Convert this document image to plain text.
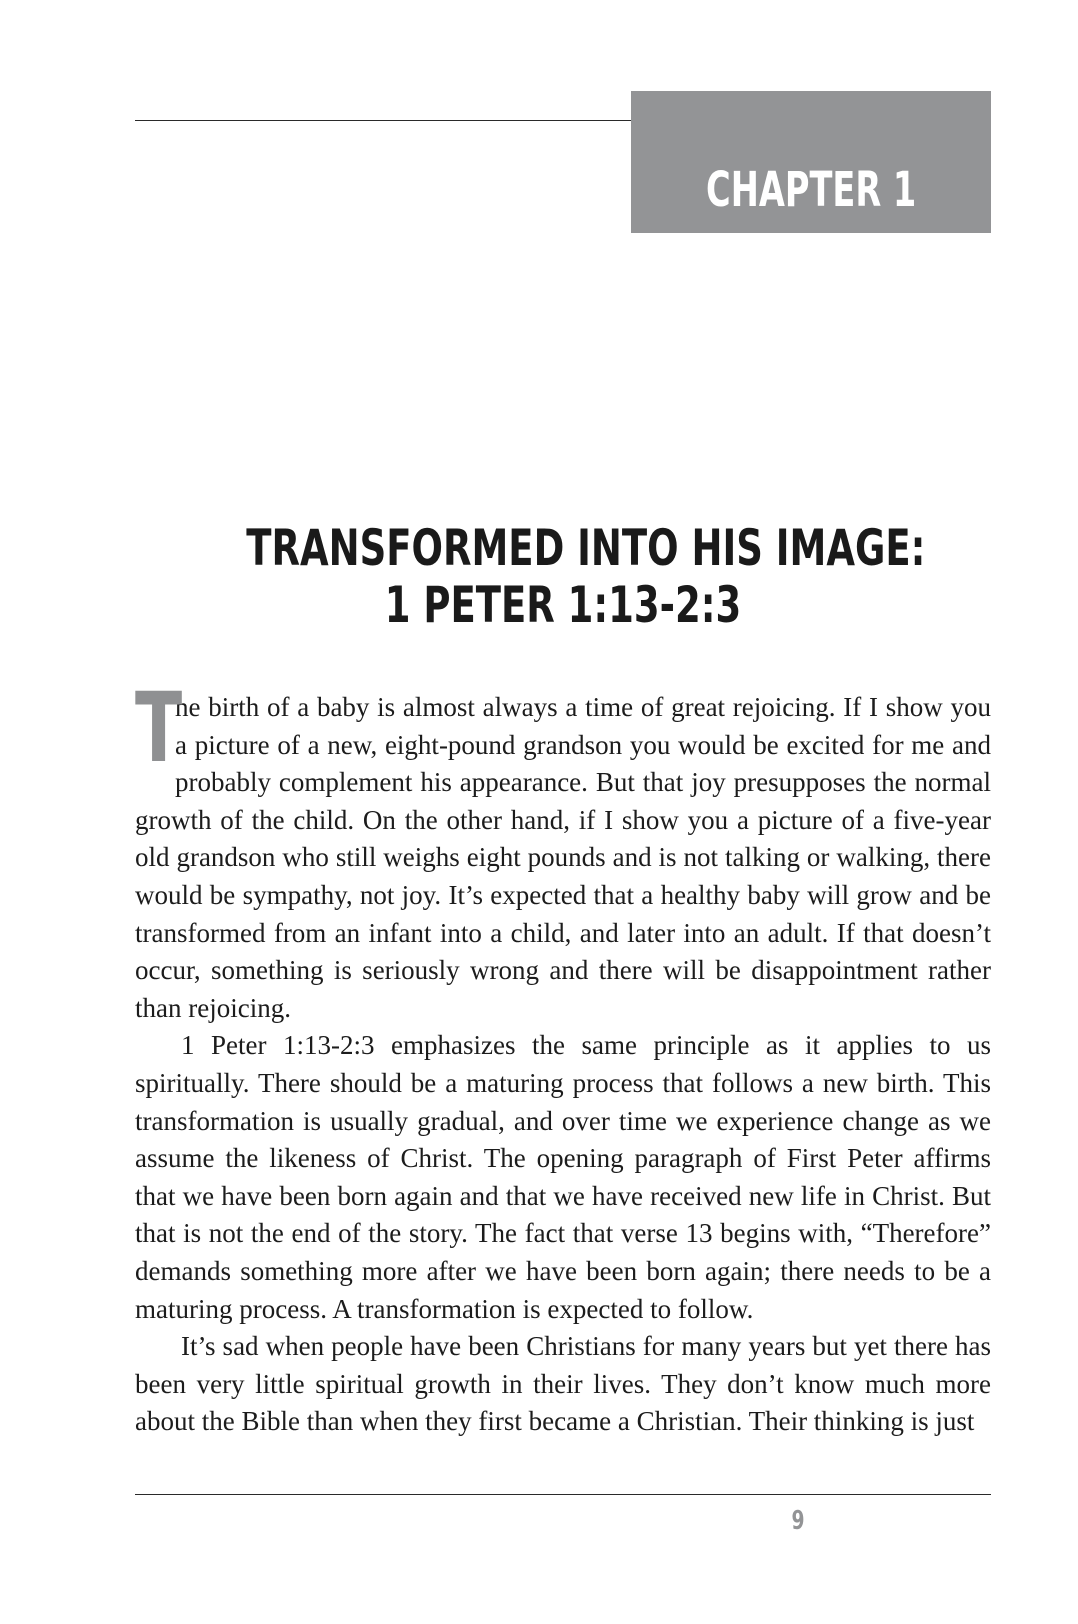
CHAPTER 1
TRANSFORMED INTO HIS IMAGE:
1 PETER 1:13-2:3

T
he birth of a baby is almost always a time of great rejoicing. If I show you a picture of a new, eight-pound grandson you would be excited for me and probably complement his appearance. But that joy presupposes the normal growth of the child. On the other hand, if I show you a picture of a five-year old grandson who still weighs eight pounds and is not talking or walking, there would be sympathy, not joy. It’s expected that a healthy baby will grow and be transformed from an infant into a child, and later into an adult. If that doesn’t occur, something is seriously wrong and there will be disappointment rather than rejoicing.

1 Peter 1:13-2:3 emphasizes the same principle as it applies to us spiritually. There should be a maturing process that follows a new birth. This transformation is usually gradual, and over time we experience change as we assume the likeness of Christ. The opening paragraph of First Peter affirms that we have been born again and that we have received new life in Christ. But that is not the end of the story. The fact that verse 13 begins with, “Therefore” demands something more after we have been born again; there needs to be a maturing process. A transformation is expected to follow.

It’s sad when people have been Christians for many years but yet there has been very little spiritual growth in their lives. They don’t know much more about the Bible than when they first became a Christian. Their thinking is just

9
